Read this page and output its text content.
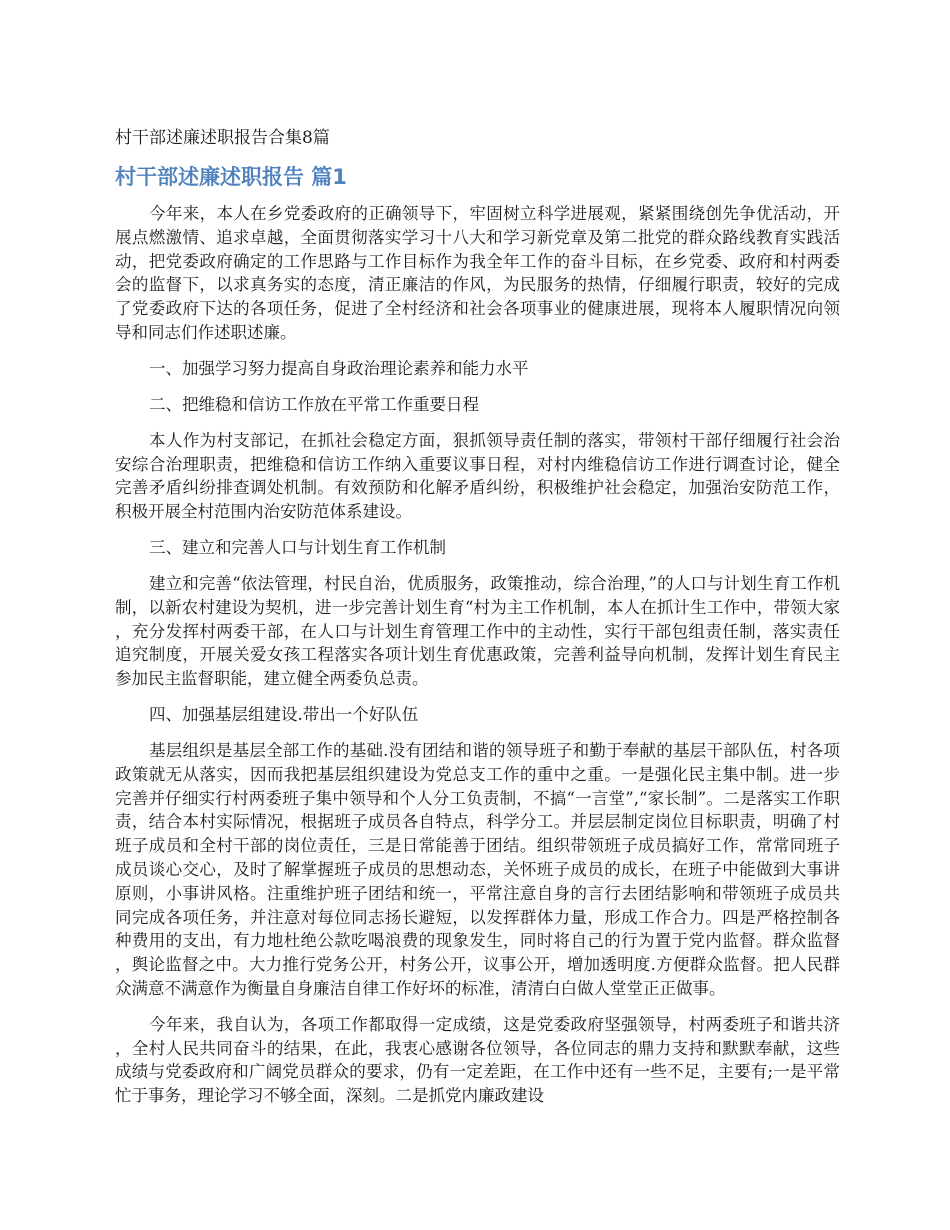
村干部述廉述职报告合集8篇
村干部述廉述职报告 篇1

今年来，本人在乡党委政府的正确领导下，牢固树立科学进展观，紧紧围绕创先争优活动，开展点燃激情、追求卓越，全面贯彻落实学习十八大和学习新党章及第二批党的群众路线教育实践活动，把党委政府确定的工作思路与工作目标作为我全年工作的奋斗目标，在乡党委、政府和村两委会的监督下，以求真务实的态度，清正廉洁的作风，为民服务的热情，仔细履行职责，较好的完成了党委政府下达的各项任务，促进了全村经济和社会各项事业的健康进展，现将本人履职情况向领导和同志们作述职述廉。

一、加强学习努力提高自身政治理论素养和能力水平

二、把维稳和信访工作放在平常工作重要日程

本人作为村支部记，在抓社会稳定方面，狠抓领导责任制的落实，带领村干部仔细履行社会治安综合治理职责，把维稳和信访工作纳入重要议事日程，对村内维稳信访工作进行调查讨论，健全完善矛盾纠纷排查调处机制。有效预防和化解矛盾纠纷，积极维护社会稳定，加强治安防范工作，积极开展全村范围内治安防范体系建设。

三、建立和完善人口与计划生育工作机制

建立和完善“依法管理，村民自治，优质服务，政策推动，综合治理，”的人口与计划生育工作机制，以新农村建设为契机，进一步完善计划生育“村为主工作机制，本人在抓计生工作中，带领大家，充分发挥村两委干部，在人口与计划生育管理工作中的主动性，实行干部包组责任制，落实责任追究制度，开展关爱女孩工程落实各项计划生育优惠政策，完善利益导向机制，发挥计划生育民主参加民主监督职能，建立健全两委负总责。

四、加强基层组建设.带出一个好队伍

基层组织是基层全部工作的基础.没有团结和谐的领导班子和勤于奉献的基层干部队伍，村各项政策就无从落实，因而我把基层组织建设为党总支工作的重中之重。一是强化民主集中制。进一步完善并仔细实行村两委班子集中领导和个人分工负责制，不搞“一言堂”,“家长制”。二是落实工作职责，结合本村实际情况，根据班子成员各自特点，科学分工。并层层制定岗位目标职责，明确了村班子成员和全村干部的岗位责任，三是日常能善于团结。组织带领班子成员搞好工作，常常同班子成员谈心交心，及时了解掌握班子成员的思想动态，关怀班子成员的成长，在班子中能做到大事讲原则，小事讲风格。注重维护班子团结和统一，平常注意自身的言行去团结影响和带领班子成员共同完成各项任务，并注意对每位同志扬长避短，以发挥群体力量，形成工作合力。四是严格控制各种费用的支出，有力地杜绝公款吃喝浪费的现象发生，同时将自己的行为置于党内监督。群众监督，舆论监督之中。大力推行党务公开，村务公开，议事公开，增加透明度.方便群众监督。把人民群众满意不满意作为衡量自身廉洁自律工作好坏的标准，清清白白做人堂堂正正做事。

今年来，我自认为，各项工作都取得一定成绩，这是党委政府坚强领导，村两委班子和谐共济，全村人民共同奋斗的结果，在此，我衷心感谢各位领导，各位同志的鼎力支持和默默奉献，这些成绩与党委政府和广阔党员群众的要求，仍有一定差距，在工作中还有一些不足，主要有;一是平常忙于事务，理论学习不够全面，深刻。二是抓党内廉政建设
